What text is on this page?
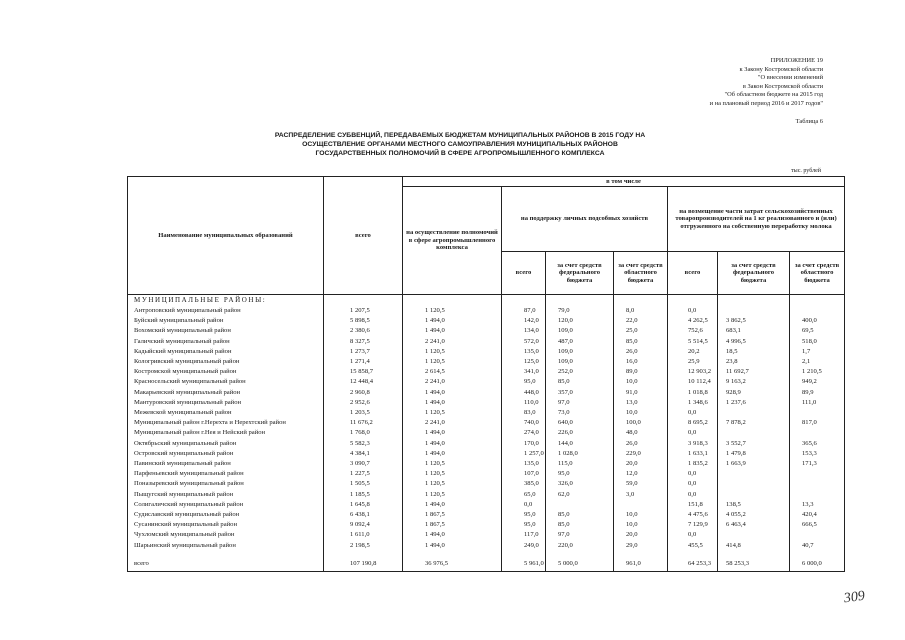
ПРИЛОЖЕНИЕ 19
к Закону Костромской области
"О внесении изменений
в Закон Костромской области
"Об областном бюджете на 2015 год
и на плановый период 2016 и 2017 годов"
Таблица 6
РАСПРЕДЕЛЕНИЕ СУБВЕНЦИЙ, ПЕРЕДАВАЕМЫХ БЮДЖЕТАМ МУНИЦИПАЛЬНЫХ РАЙОНОВ В 2015 ГОДУ НА
ОСУЩЕСТВЛЕНИЕ ОРГАНАМИ МЕСТНОГО САМОУПРАВЛЕНИЯ МУНИЦИПАЛЬНЫХ РАЙОНОВ
ГОСУДАРСТВЕННЫХ ПОЛНОМОЧИЙ В СФЕРЕ АГРОПРОМЫШЛЕННОГО КОМПЛЕКСА
тыс. рублей
Наименование муниципальных образований	всего	в том числе						
		на осуществление полномочий в сфере агропромышленного комплекса	на поддержку личных подсобных хозяйств			на возмещение части затрат сельскохозяйственных товаропроизводителей на 1 кг реализованного и (или) отгруженного на собственную переработку молока		
			всего	за счет средств федерального бюджета	за счет средств областного бюджета	всего	за счет средств федерального бюджета	за счет средств областного бюджета
МУНИЦИПАЛЬНЫЕ РАЙОНЫ:								
Антроповский муниципальный район	1 207,5	1 120,5	87,0	79,0	8,0	0,0		
Буйский муниципальный район	5 898,5	1 494,0	142,0	120,0	22,0	4 262,5	3 862,5	400,0
Вохомский муниципальный район	2 380,6	1 494,0	134,0	109,0	25,0	752,6	683,1	69,5
Галичский муниципальный район	8 327,5	2 241,0	572,0	487,0	85,0	5 514,5	4 996,5	518,0
Кадыйский муниципальный район	1 273,7	1 120,5	135,0	109,0	26,0	20,2	18,5	1,7
Кологривский муниципальный район	1 271,4	1 120,5	125,0	109,0	16,0	25,9	23,8	2,1
Костромской муниципальный район	15 858,7	2 614,5	341,0	252,0	89,0	12 903,2	11 692,7	1 210,5
Красносельский муниципальный район	12 448,4	2 241,0	95,0	85,0	10,0	10 112,4	9 163,2	949,2
Макарьевский муниципальный район	2 960,8	1 494,0	448,0	357,0	91,0	1 018,8	928,9	89,9
Мантуровский муниципальный район	2 952,6	1 494,0	110,0	97,0	13,0	1 348,6	1 237,6	111,0
Межевской муниципальный район	1 203,5	1 120,5	83,0	73,0	10,0	0,0		
Муниципальный район г.Нерехта и Нерехтский район	11 676,2	2 241,0	740,0	640,0	100,0	8 695,2	7 878,2	817,0
Муниципальный район г.Нея и Нейский район	1 768,0	1 494,0	274,0	226,0	48,0	0,0		
Октябрьский муниципальный район	5 582,3	1 494,0	170,0	144,0	26,0	3 918,3	3 552,7	365,6
Островский муниципальный район	4 384,1	1 494,0	1 257,0	1 028,0	229,0	1 633,1	1 479,8	153,3
Павинский муниципальный район	3 090,7	1 120,5	135,0	115,0	20,0	1 835,2	1 663,9	171,3
Парфеньевский муниципальный район	1 227,5	1 120,5	107,0	95,0	12,0	0,0		
Поназыревский муниципальный район	1 505,5	1 120,5	385,0	326,0	59,0	0,0		
Пыщугский муниципальный район	1 185,5	1 120,5	65,0	62,0	3,0	0,0		
Солигаличский муниципальный район	1 645,8	1 494,0	0,0			151,8	138,5	13,3
Судиславский муниципальный район	6 438,1	1 867,5	95,0	85,0	10,0	4 475,6	4 055,2	420,4
Сусанинский муниципальный район	9 092,4	1 867,5	95,0	85,0	10,0	7 129,9	6 463,4	666,5
Чухломский муниципальный район	1 611,0	1 494,0	117,0	97,0	20,0	0,0		
Шарьинский муниципальный район	2 198,5	1 494,0	249,0	220,0	29,0	455,5	414,8	40,7

всего	107 190,8	36 976,5	5 961,0	5 000,0	961,0	64 253,3	58 253,3	6 000,0
309
